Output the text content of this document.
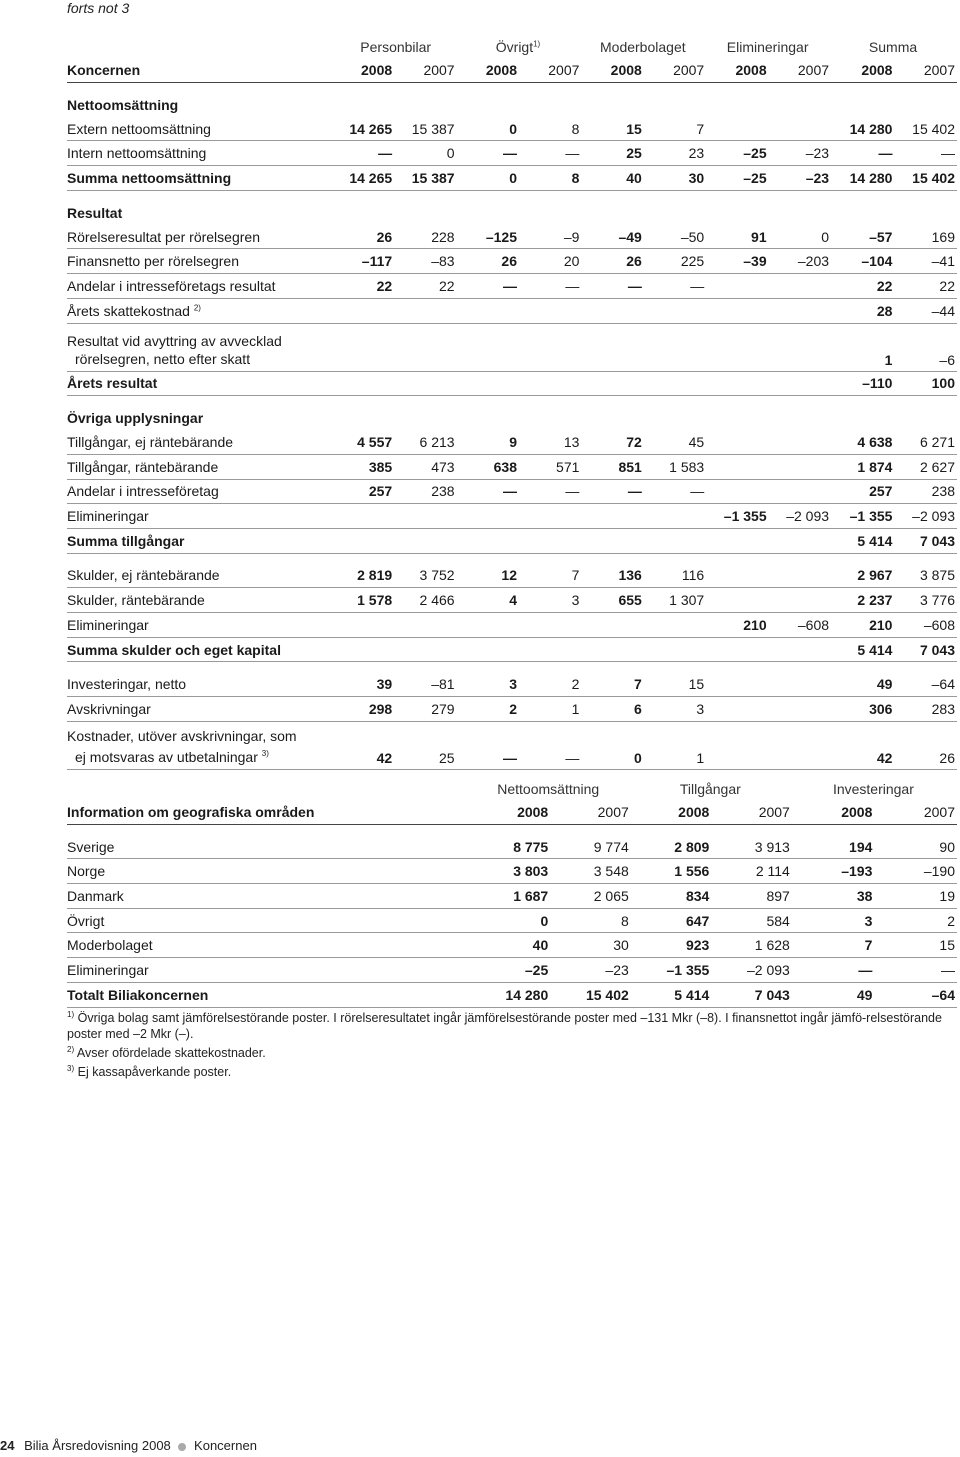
forts not 3
	Personbilar		Övrigt$^{1)}$		Moderbolaget		Elimineringar		Summa	
Koncernen	2008	2007	2008	2007	2008	2007	2008	2007	2008	2007
Nettoomsättning										
Extern nettoomsättning	14 265	15 387	0	8	15	7			14 280	15 402
Intern nettoomsättning	—	0	—	—	25	23	–25	–23	—	—
Summa nettoomsättning	14 265	15 387	0	8	40	30	–25	–23	14 280	15 402
Resultat										
Rörelseresultat per rörelsegren	26	228	–125	–9	–49	–50	91	0	–57	169
Finansnetto per rörelsegren	–117	–83	26	20	26	225	–39	–203	–104	–41
Andelar i intresseföretags resultat	22	22	—	—	—	—			22	22
Årets skattekostnad $^{2)}$									28	–44
Resultat vid avyttring av avvecklad
rörelsegren, netto efter skatt									1	–6
Årets resultat									–110	100
Övriga upplysningar										
Tillgångar, ej räntebärande	4 557	6 213	9	13	72	45			4 638	6 271
Tillgångar, räntebärande	385	473	638	571	851	1 583			1 874	2 627
Andelar i intresseföretag	257	238	—	—	—	—			257	238
Elimineringar							–1 355	–2 093	–1 355	–2 093
Summa tillgångar									5 414	7 043

Skulder, ej räntebärande	2 819	3 752	12	7	136	116			2 967	3 875
Skulder, räntebärande	1 578	2 466	4	3	655	1 307			2 237	3 776
Elimineringar							210	–608	210	–608
Summa skulder och eget kapital									5 414	7 043

Investeringar, netto	39	–81	3	2	7	15			49	–64
Avskrivningar	298	279	2	1	6	3			306	283
Kostnader, utöver avskrivningar, som
ej motsvaras av utbetalningar $^{3)}$	42	25	—	—	0	1			42	26
	Nettoomsättning		Tillgångar		Investeringar	
Information om geografiska områden	2008	2007	2008	2007	2008	2007

Sverige	8 775	9 774	2 809	3 913	194	90
Norge	3 803	3 548	1 556	2 114	–193	–190
Danmark	1 687	2 065	834	897	38	19
Övrigt	0	8	647	584	3	2
Moderbolaget	40	30	923	1 628	7	15
Elimineringar	–25	–23	–1 355	–2 093	—	—
Totalt Biliakoncernen	14 280	15 402	5 414	7 043	49	–64

$^{1)}$ Övriga bolag samt jämförelsestörande poster. I rörelseresultatet ingår jämförelsestörande poster med –131 Mkr (–8). I finansnettot ingår jämfö-relsestörande poster med –2 Mkr (–).

$^{2)}$ Avser ofördelade skattekostnader.

$^{3)}$ Ej kassapåverkande poster.

24 Bilia Årsredovisning 2008 Koncernen
